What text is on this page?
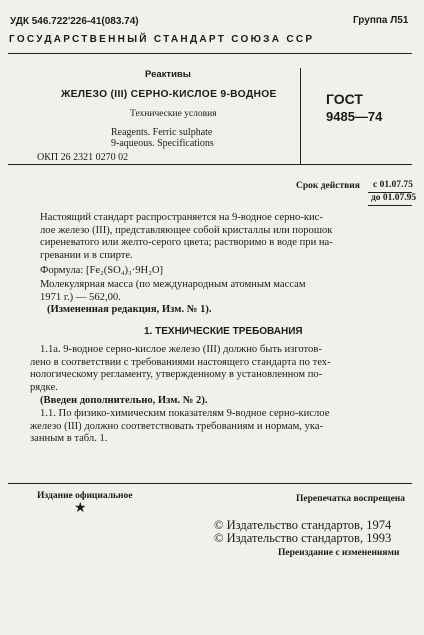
УДК 546.722'226-41(083.74)	Группа Л51
ГОСУДАРСТВЕННЫЙ СТАНДАРТ СОЮЗА ССР
Реактивы
ЖЕЛЕЗО (III) СЕРНО-КИСЛОЕ 9-ВОДНОЕ
Технические условия
Reagents. Ferric sulphate
9-aqueous. Specifications
ОКП 26 2321 0270 02
ГОСТ
9485—74
Срок действия с 01.07.75
до 01.07.95
Настоящий стандарт распространяется на 9-водное серно-кис-
лое железо (III), представляющее собой кристаллы или порошок
сиреневатого или желто-серого цвета; растворимо в воде при на-
гревании и в спирте.
Формула: [Fe₂(SO₄)₃·9H₂O]
Молекулярная масса (по международным атомным массам
1971 г.) — 562,00.
(Измененная редакция, Изм. № 1).
1. ТЕХНИЧЕСКИЕ ТРЕБОВАНИЯ
1.1а. 9-водное серно-кислое железо (III) должно быть изготов-
лено в соответствии с требованиями настоящего стандарта по тех-
нологическому регламенту, утвержденному в установленном по-
рядке.
(Введен дополнительно, Изм. № 2).
1.1. По физико-химическим показателям 9-водное серно-кислое
железо (III) должно соответствовать требованиям и нормам, ука-
занным в табл. 1.
Издание официальное	Перепечатка воспрещена
★
© Издательство стандартов, 1974
© Издательство стандартов, 1993
Переиздание с изменениями
